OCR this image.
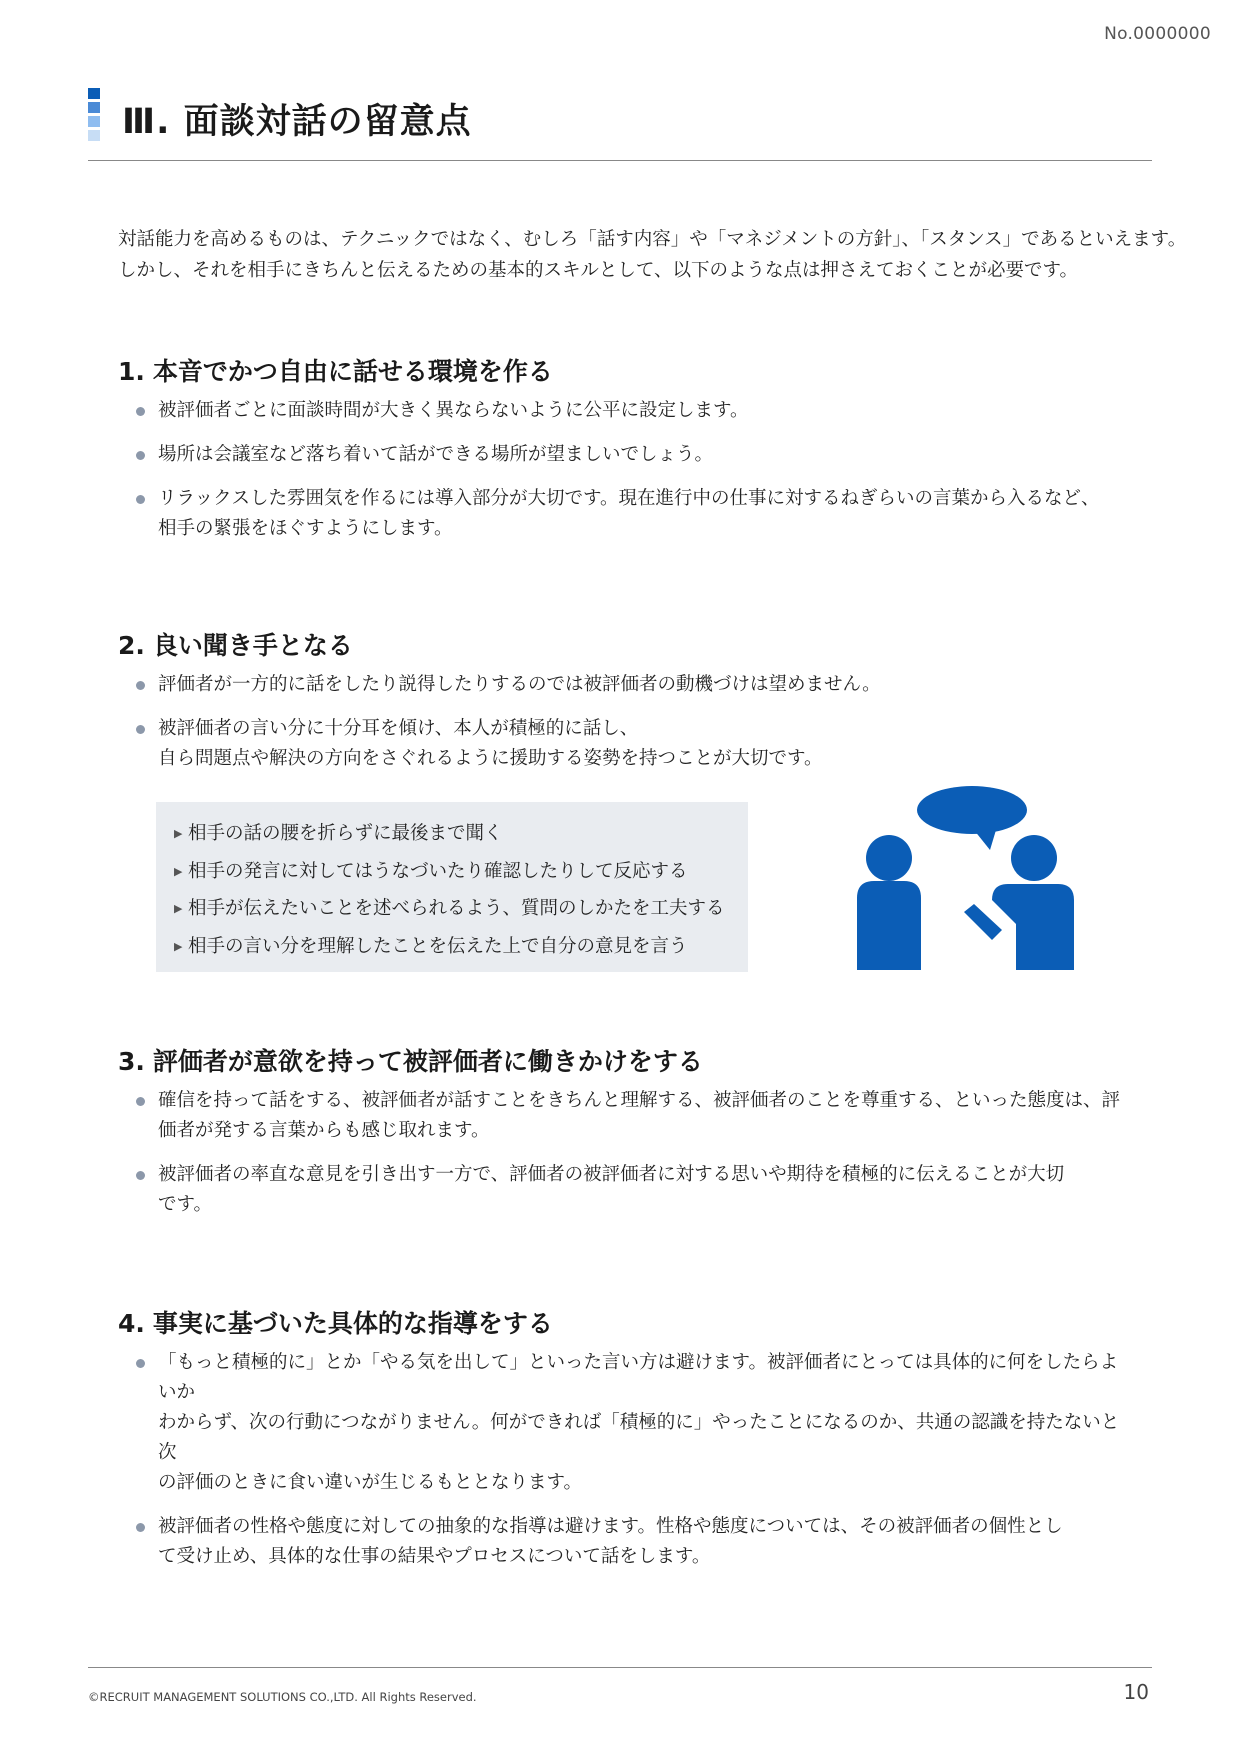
No.0000000
Ⅲ. 面談対話の留意点

対話能力を高めるものは、テクニックではなく、むしろ「話す内容」や「マネジメントの方針」、「スタンス」であるといえます。

しかし、それを相手にきちんと伝えるための基本的スキルとして、以下のような点は押さえておくことが必要です。

1. 本音でかつ自由に話せる環境を作る
被評価者ごとに面談時間が大きく異ならないように公平に設定します。
場所は会議室など落ち着いて話ができる場所が望ましいでしょう。
リラックスした雰囲気を作るには導入部分が大切です。現在進行中の仕事に対するねぎらいの言葉から入るなど、
相手の緊張をほぐすようにします。
2. 良い聞き手となる
評価者が一方的に話をしたり説得したりするのでは被評価者の動機づけは望めません。
被評価者の言い分に十分耳を傾け、本人が積極的に話し、
自ら問題点や解決の方向をさぐれるように援助する姿勢を持つことが大切です。
▶ 相手の話の腰を折らずに最後まで聞く
▶ 相手の発言に対してはうなづいたり確認したりして反応する
▶ 相手が伝えたいことを述べられるよう、質問のしかたを工夫する
▶ 相手の言い分を理解したことを伝えた上で自分の意見を言う
3. 評価者が意欲を持って被評価者に働きかけをする
確信を持って話をする、被評価者が話すことをきちんと理解する、被評価者のことを尊重する、といった態度は、評
価者が発する言葉からも感じ取れます。
被評価者の率直な意見を引き出す一方で、評価者の被評価者に対する思いや期待を積極的に伝えることが大切
です。
4. 事実に基づいた具体的な指導をする
「もっと積極的に」とか「やる気を出して」といった言い方は避けます。被評価者にとっては具体的に何をしたらよいか
わからず、次の行動につながりません。何ができれば「積極的に」やったことになるのか、共通の認識を持たないと次
の評価のときに食い違いが生じるもととなります。
被評価者の性格や態度に対しての抽象的な指導は避けます。性格や態度については、その被評価者の個性とし
て受け止め、具体的な仕事の結果やプロセスについて話をします。
©RECRUIT MANAGEMENT SOLUTIONS CO.,LTD. All Rights Reserved.	10
